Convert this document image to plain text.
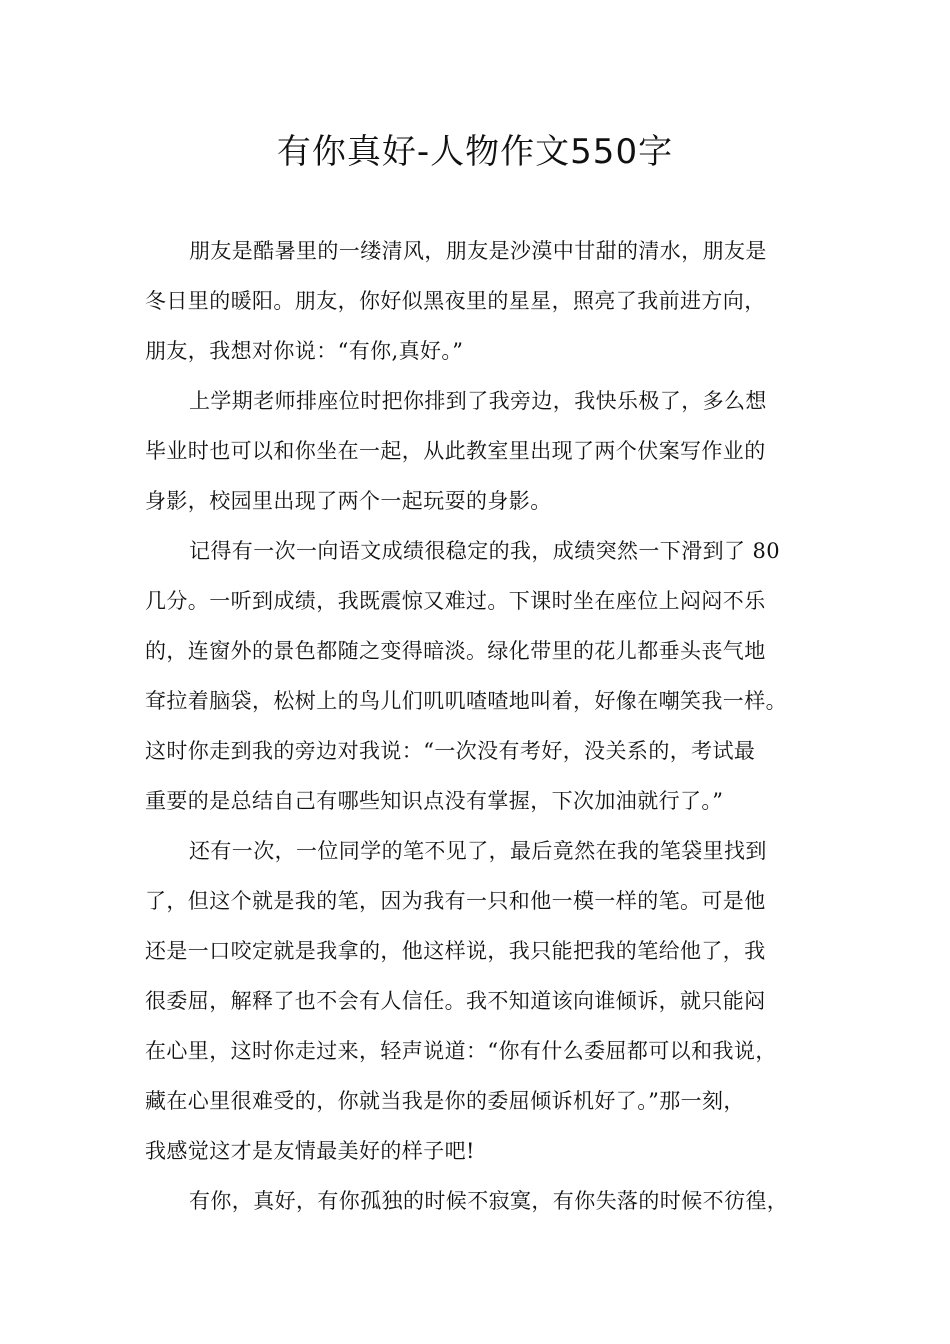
有你真好-人物作文550字
朋友是酷暑里的一缕清风，朋友是沙漠中甘甜的清水，朋友是
冬日里的暖阳。朋友，你好似黑夜里的星星，照亮了我前进方向，
朋友，我想对你说：“有你,真好。”
上学期老师排座位时把你排到了我旁边，我快乐极了，多么想
毕业时也可以和你坐在一起，从此教室里出现了两个伏案写作业的
身影，校园里出现了两个一起玩耍的身影。
记得有一次一向语文成绩很稳定的我，成绩突然一下滑到了 80
几分。一听到成绩，我既震惊又难过。下课时坐在座位上闷闷不乐
的，连窗外的景色都随之变得暗淡。绿化带里的花儿都垂头丧气地
耷拉着脑袋，松树上的鸟儿们叽叽喳喳地叫着，好像在嘲笑我一样。
这时你走到我的旁边对我说：“一次没有考好，没关系的，考试最
重要的是总结自己有哪些知识点没有掌握，下次加油就行了。”
还有一次，一位同学的笔不见了，最后竟然在我的笔袋里找到
了，但这个就是我的笔，因为我有一只和他一模一样的笔。可是他
还是一口咬定就是我拿的，他这样说，我只能把我的笔给他了，我
很委屈，解释了也不会有人信任。我不知道该向谁倾诉，就只能闷
在心里，这时你走过来，轻声说道：“你有什么委屈都可以和我说，
藏在心里很难受的，你就当我是你的委屈倾诉机好了。”那一刻，
我感觉这才是友情最美好的样子吧!
有你，真好，有你孤独的时候不寂寞，有你失落的时候不彷徨，
